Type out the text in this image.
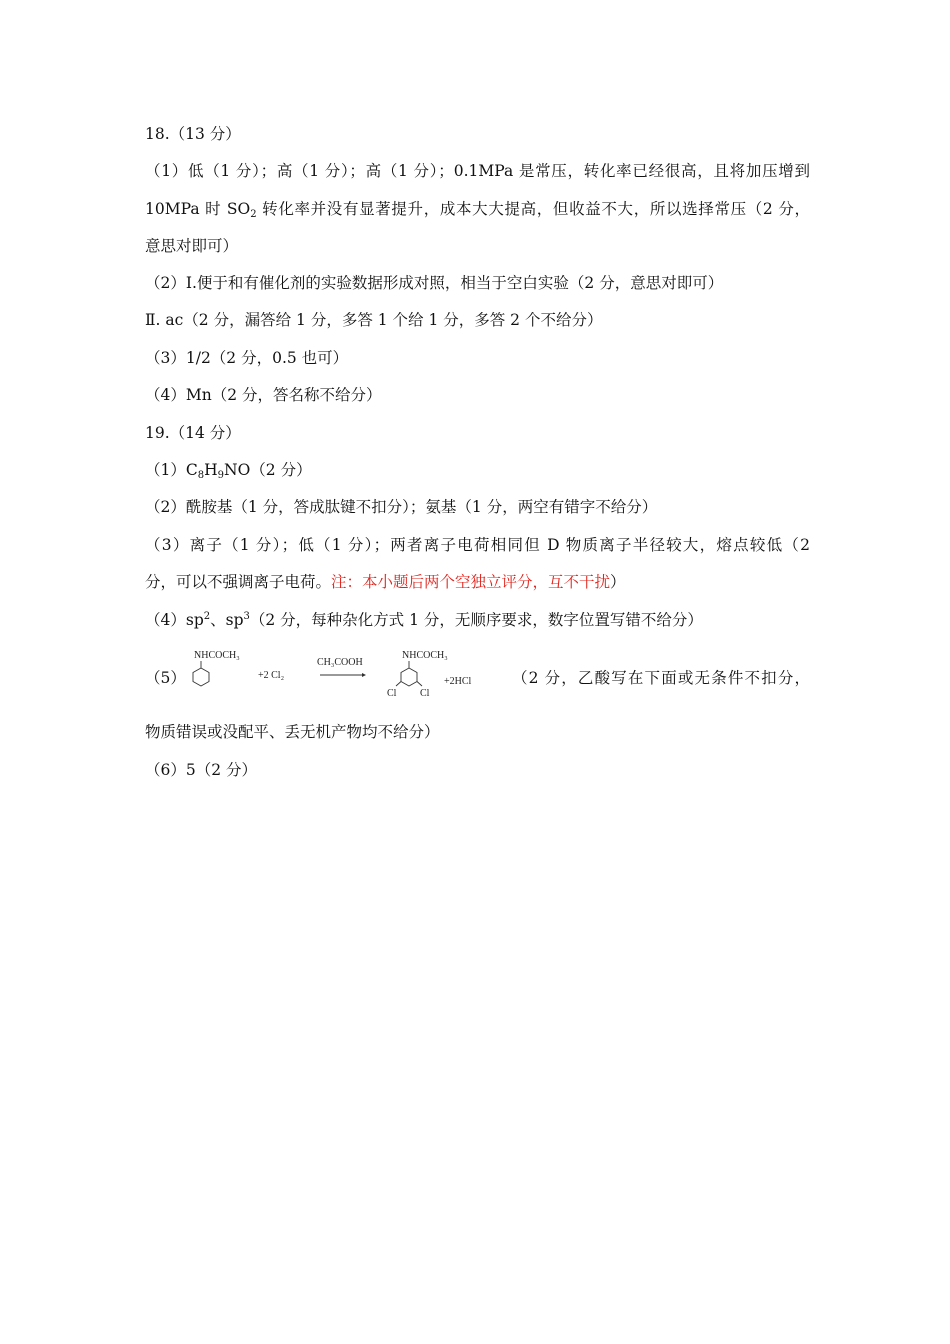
18.（13 分）
（1）低（1 分）；高（1 分）；高（1 分）；0.1MPa 是常压，转化率已经很高，且将加压增到
10MPa 时 $SO_2$ 转化率并没有显著提升，成本大大提高，但收益不大，所以选择常压（2 分，
意思对即可）
（2）Ⅰ.便于和有催化剂的实验数据形成对照，相当于空白实验（2 分，意思对即可）
Ⅱ. ac（2 分，漏答给 1 分，多答 1 个给 1 分，多答 2 个不给分）
（3）1/2（2 分，0.5 也可）
（4）Mn（2 分，答名称不给分）
19.（14 分）
$(1)C_8H_9NO(2$ 分）
（2）酰胺基（1 分，答成肽键不扣分）；氨基（1 分，两空有错字不给分）
（3）离子（1 分）；低（1 分）；两者离子电荷相同但 D 物质离子半径较大，熔点较低（2
分，可以不强调离子电荷。注：本小题后两个空独立评分，互不干扰）
$(4)sp^2$、$sp^3(2$ 分，每种杂化方式 1 分，无顺序要求，数字位置写错不给分）
（5）
NHCOCH₃
+2 Cl₂
CH₃COOH
NHCOCH₃
Cl Cl
+2HCl	（2 分，乙酸写在下面或无条件不扣分，
物质错误或没配平、丢无机产物均不给分）
（6）5（2 分）
